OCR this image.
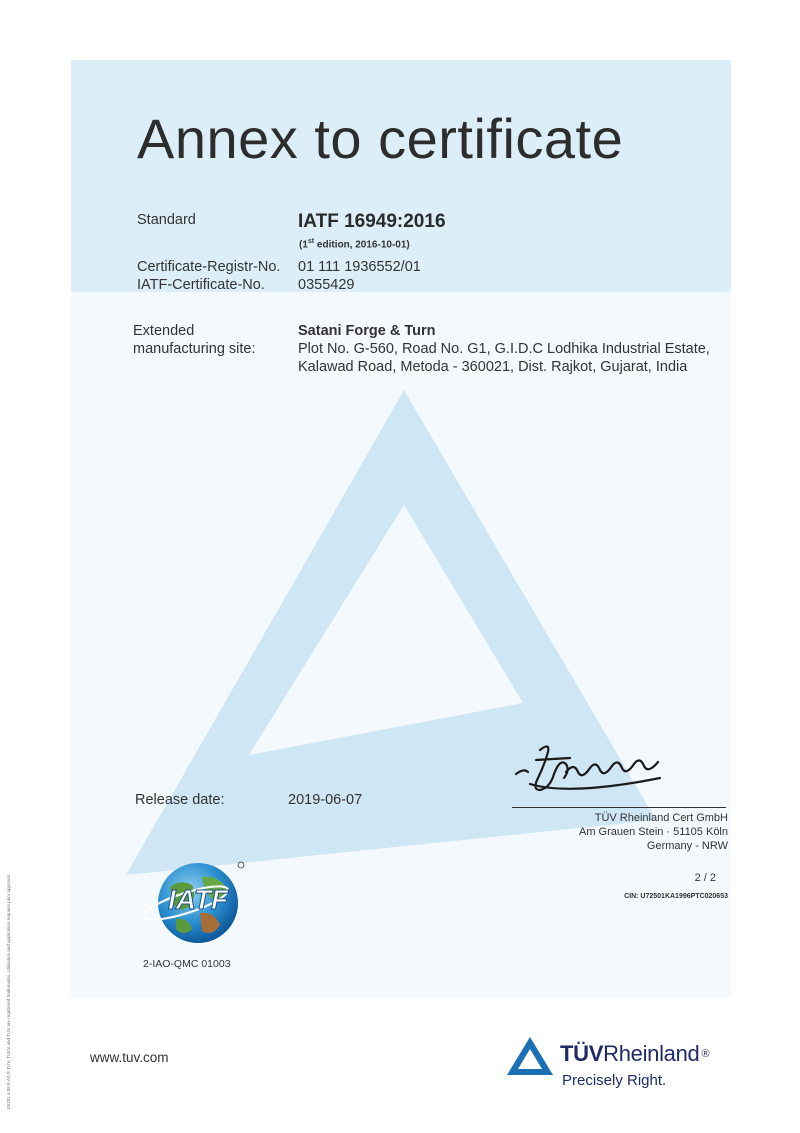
Annex to certificate
Standard	IATF 16949:2016
(1st edition, 2016-10-01)
Certificate-Registr-No. 01 111 1936552/01
IATF-Certificate-No. 0355429
Extended
manufacturing site:
Satani Forge & Turn
Plot No. G-560, Road No. G1, G.I.D.C Lodhika Industrial Estate,
Kalawad Road, Metoda - 360021, Dist. Rajkot, Gujarat, India
Release date:	2019-06-07
Sharma
TÜV Rheinland Cert GmbH
Am Grauen Stein · 51105 Köln
Germany - NRW
2 / 2
CIN: U72501KA1996PTC020653
IATF
2-IAO-QMC 01003
www.tuv.com	TÜVRheinland ®
Precisely Right.
10/201 4.08 E A3 ® TÜV, TUEV and TUV are registered trademarks. Utilisation and application requires prior approval.
